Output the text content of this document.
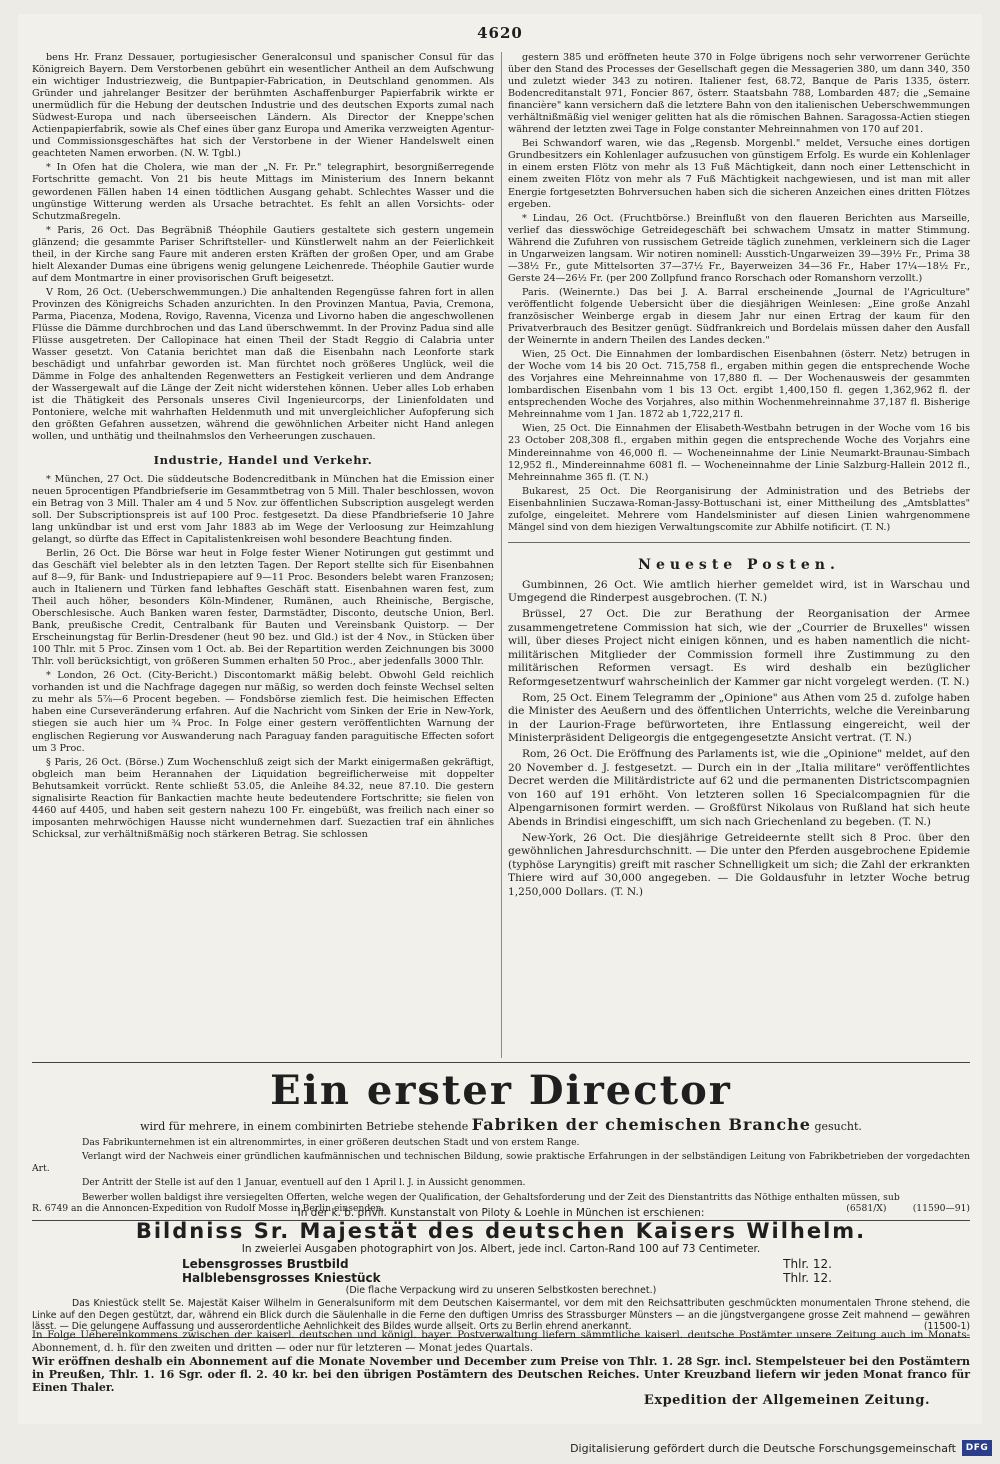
4620

bens Hr. Franz Dessauer, portugiesischer Generalconsul und spanischer Consul für das Königreich Bayern. Dem Verstorbenen gebührt ein wesentlicher Antheil an dem Aufschwung ein wichtiger Industriezweig, die Buntpapier-Fabrication, in Deutschland genommen. Als Gründer und jahrelanger Besitzer der berühmten Aschaffenburger Papierfabrik wirkte er unermüdlich für die Hebung der deutschen Industrie und des deutschen Exports zumal nach Südwest-Europa und nach überseeischen Ländern. Als Director der Kneppe'schen Actienpapierfabrik, sowie als Chef eines über ganz Europa und Amerika verzweigten Agentur- und Commissionsgeschäftes hat sich der Verstorbene in der Wiener Handelswelt einen geachteten Namen erworben. (N. W. Tgbl.)

* In Ofen hat die Cholera, wie man der „N. Fr. Pr." telegraphirt, besorgnißerregende Fortschritte gemacht. Von 21 bis heute Mittags im Ministerium des Innern bekannt gewordenen Fällen haben 14 einen tödtlichen Ausgang gehabt. Schlechtes Wasser und die ungünstige Witterung werden als Ursache betrachtet. Es fehlt an allen Vorsichts- oder Schutzmaßregeln.

* Paris, 26 Oct. Das Begräbniß Théophile Gautiers gestaltete sich gestern ungemein glänzend; die gesammte Pariser Schriftsteller- und Künstlerwelt nahm an der Feierlichkeit theil, in der Kirche sang Faure mit anderen ersten Kräften der großen Oper, und am Grabe hielt Alexander Dumas eine übrigens wenig gelungene Leichenrede. Théophile Gautier wurde auf dem Montmartre in einer provisorischen Gruft beigesetzt.

V Rom, 26 Oct. (Ueberschwemmungen.) Die anhaltenden Regengüsse fahren fort in allen Provinzen des Königreichs Schaden anzurichten. In den Provinzen Mantua, Pavia, Cremona, Parma, Piacenza, Modena, Rovigo, Ravenna, Vicenza und Livorno haben die angeschwollenen Flüsse die Dämme durchbrochen und das Land überschwemmt. In der Provinz Padua sind alle Flüsse ausgetreten. Der Callopinace hat einen Theil der Stadt Reggio di Calabria unter Wasser gesetzt. Von Catania berichtet man daß die Eisenbahn nach Leonforte stark beschädigt und unfahrbar geworden ist. Man fürchtet noch größeres Unglück, weil die Dämme in Folge des anhaltenden Regenwetters an Festigkeit verlieren und dem Andrange der Wassergewalt auf die Länge der Zeit nicht widerstehen können. Ueber alles Lob erhaben ist die Thätigkeit des Personals unseres Civil Ingenieurcorps, der Linienfoldaten und Pontoniere, welche mit wahrhaften Heldenmuth und mit unvergleichlicher Aufopferung sich den größten Gefahren aussetzen, während die gewöhnlichen Arbeiter nicht Hand anlegen wollen, und unthätig und theilnahmslos den Verheerungen zuschauen.

Industrie, Handel und Verkehr.

* München, 27 Oct. Die süddeutsche Bodencreditbank in München hat die Emission einer neuen 5procentigen Pfandbriefserie im Gesammtbetrag von 5 Mill. Thaler beschlossen, wovon ein Betrag von 3 Mill. Thaler am 4 und 5 Nov. zur öffentlichen Subscription ausgelegt werden soll. Der Subscriptionspreis ist auf 100 Proc. festgesetzt. Da diese Pfandbriefserie 10 Jahre lang unkündbar ist und erst vom Jahr 1883 ab im Wege der Verloosung zur Heimzahlung gelangt, so dürfte das Effect in Capitalistenkreisen wohl besondere Beachtung finden.

Berlin, 26 Oct. Die Börse war heut in Folge fester Wiener Notirungen gut gestimmt und das Geschäft viel belebter als in den letzten Tagen. Der Report stellte sich für Eisenbahnen auf 8—9, für Bank- und Industriepapiere auf 9—11 Proc. Besonders belebt waren Franzosen; auch in Italienern und Türken fand lebhaftes Geschäft statt. Eisenbahnen waren fest, zum Theil auch höher, besonders Köln-Mindener, Rumänen, auch Rheinische, Bergische, Oberschlesische. Auch Banken waren fester, Darmstädter, Disconto, deutsche Union, Berl. Bank, preußische Credit, Centralbank für Bauten und Vereinsbank Quistorp. — Der Erscheinungstag für Berlin-Dresdener (heut 90 bez. und Gld.) ist der 4 Nov., in Stücken über 100 Thlr. mit 5 Proc. Zinsen vom 1 Oct. ab. Bei der Repartition werden Zeichnungen bis 3000 Thlr. voll berücksichtigt, von größeren Summen erhalten 50 Proc., aber jedenfalls 3000 Thlr.

* London, 26 Oct. (City-Bericht.) Discontomarkt mäßig belebt. Obwohl Geld reichlich vorhanden ist und die Nachfrage dagegen nur mäßig, so werden doch feinste Wechsel selten zu mehr als 5⅞—6 Procent begeben. — Fondsbörse ziemlich fest. Die heimischen Effecten haben eine Curseveränderung erfahren. Auf die Nachricht vom Sinken der Erie in New-York, stiegen sie auch hier um ¾ Proc. In Folge einer gestern veröffentlichten Warnung der englischen Regierung vor Auswanderung nach Paraguay fanden paraguitische Effecten sofort um 3 Proc.

§ Paris, 26 Oct. (Börse.) Zum Wochenschluß zeigt sich der Markt einigermaßen gekräftigt, obgleich man beim Herannahen der Liquidation begreiflicherweise mit doppelter Behutsamkeit vorrückt. Rente schließt 53.05, die Anleihe 84.32, neue 87.10. Die gestern signalisirte Reaction für Bankactien machte heute bedeutendere Fortschritte; sie fielen von 4460 auf 4405, und haben seit gestern nahezu 100 Fr. eingebüßt, was freilich nach einer so imposanten mehrwöchigen Hausse nicht wundernehmen darf. Suezactien traf ein ähnliches Schicksal, zur verhältnißmäßig noch stärkeren Betrag. Sie schlossen

gestern 385 und eröffneten heute 370 in Folge übrigens noch sehr verworrener Gerüchte über den Stand des Processes der Gesellschaft gegen die Messagerien 380, um dann 340, 350 und zuletzt wieder 343 zu notiren. Italiener fest, 68.72, Banque de Paris 1335, österr. Bodencreditanstalt 971, Foncier 867, österr. Staatsbahn 788, Lombarden 487; die „Semaine financière" kann versichern daß die letztere Bahn von den italienischen Ueberschwemmungen verhältnißmäßig viel weniger gelitten hat als die römischen Bahnen. Saragossa-Actien stiegen während der letzten zwei Tage in Folge constanter Mehreinnahmen von 170 auf 201.

Bei Schwandorf waren, wie das „Regensb. Morgenbl." meldet, Versuche eines dortigen Grundbesitzers ein Kohlenlager aufzusuchen von günstigem Erfolg. Es wurde ein Kohlenlager in einem ersten Flötz von mehr als 13 Fuß Mächtigkeit, dann noch einer Lettenschicht in einem zweiten Flötz von mehr als 7 Fuß Mächtigkeit nachgewiesen, und ist man mit aller Energie fortgesetzten Bohrversuchen haben sich die sicheren Anzeichen eines dritten Flötzes ergeben.

* Lindau, 26 Oct. (Fruchtbörse.) Breinflußt von den flaueren Berichten aus Marseille, verlief das diesswöchige Getreidegeschäft bei schwachem Umsatz in matter Stimmung. Während die Zufuhren von russischem Getreide täglich zunehmen, verkleinern sich die Lager in Ungarweizen langsam. Wir notiren nominell: Ausstich-Ungarweizen 39—39½ Fr., Prima 38—38½ Fr., gute Mittelsorten 37—37½ Fr., Bayerweizen 34—36 Fr., Haber 17¼—18½ Fr., Gerste 24—26½ Fr. (per 200 Zollpfund franco Rorschach oder Romanshorn verzollt.)

Paris. (Weinernte.) Das bei J. A. Barral erscheinende „Journal de l'Agriculture" veröffentlicht folgende Uebersicht über die diesjährigen Weinlesen: „Eine große Anzahl französischer Weinberge ergab in diesem Jahr nur einen Ertrag der kaum für den Privatverbrauch des Besitzer genügt. Südfrankreich und Bordelais müssen daher den Ausfall der Weinernte in andern Theilen des Landes decken."

Wien, 25 Oct. Die Einnahmen der lombardischen Eisenbahnen (österr. Netz) betrugen in der Woche vom 14 bis 20 Oct. 715,758 fl., ergaben mithin gegen die entsprechende Woche des Vorjahres eine Mehreinnahme von 17,880 fl. — Der Wochenausweis der gesammten lombardischen Eisenbahn vom 1 bis 13 Oct. ergibt 1,400,150 fl. gegen 1,362,962 fl. der entsprechenden Woche des Vorjahres, also mithin Wochenmehreinnahme 37,187 fl. Bisherige Mehreinnahme vom 1 Jan. 1872 ab 1,722,217 fl.

Wien, 25 Oct. Die Einnahmen der Elisabeth-Westbahn betrugen in der Woche vom 16 bis 23 October 208,308 fl., ergaben mithin gegen die entsprechende Woche des Vorjahrs eine Mindereinnahme von 46,000 fl. — Wocheneinnahme der Linie Neumarkt-Braunau-Simbach 12,952 fl., Mindereinnahme 6081 fl. — Wocheneinnahme der Linie Salzburg-Hallein 2012 fl., Mehreinnahme 365 fl. (T. N.)

Bukarest, 25 Oct. Die Reorganisirung der Administration und des Betriebs der Eisenbahnlinien Suczawa-Roman-Jassy-Bottuschani ist, einer Mittheilung des „Amtsblattes" zufolge, eingeleitet. Mehrere vom Handelsminister auf diesen Linien wahrgenommene Mängel sind von dem hiezigen Verwaltungscomite zur Abhilfe notificirt. (T. N.)

Neueste Posten.

Gumbinnen, 26 Oct. Wie amtlich hierher gemeldet wird, ist in Warschau und Umgegend die Rinderpest ausgebrochen. (T. N.)

Brüssel, 27 Oct. Die zur Berathung der Reorganisation der Armee zusammengetretene Commission hat sich, wie der „Courrier de Bruxelles" wissen will, über dieses Project nicht einigen können, und es haben namentlich die nicht-militärischen Mitglieder der Commission formell ihre Zustimmung zu den militärischen Reformen versagt. Es wird deshalb ein bezüglicher Reformgesetzentwurf wahrscheinlich der Kammer gar nicht vorgelegt werden. (T. N.)

Rom, 25 Oct. Einem Telegramm der „Opinione" aus Athen vom 25 d. zufolge haben die Minister des Aeußern und des öffentlichen Unterrichts, welche die Vereinbarung in der Laurion-Frage befürworteten, ihre Entlassung eingereicht, weil der Ministerpräsident Deligeorgis die entgegengesetzte Ansicht vertrat. (T. N.)

Rom, 26 Oct. Die Eröffnung des Parlaments ist, wie die „Opinione" meldet, auf den 20 November d. J. festgesetzt. — Durch ein in der „Italia militare" veröffentlichtes Decret werden die Militärdistricte auf 62 und die permanenten Districtscompagnien von 160 auf 191 erhöht. Von letzteren sollen 16 Specialcompagnien für die Alpengarnisonen formirt werden. — Großfürst Nikolaus von Rußland hat sich heute Abends in Brindisi eingeschifft, um sich nach Griechenland zu begeben. (T. N.)

New-York, 26 Oct. Die diesjährige Getreideernte stellt sich 8 Proc. über den gewöhnlichen Jahresdurchschnitt. — Die unter den Pferden ausgebrochene Epidemie (typhöse Laryngitis) greift mit rascher Schnelligkeit um sich; die Zahl der erkrankten Thiere wird auf 30,000 angegeben. — Die Goldausfuhr in letzter Woche betrug 1,250,000 Dollars. (T. N.)

Ein erster Director
wird für mehrere, in einem combinirten Betriebe stehende Fabriken der chemischen Branche gesucht.
Das Fabrikunternehmen ist ein altrenommirtes, in einer größeren deutschen Stadt und von erstem Range.
Verlangt wird der Nachweis einer gründlichen kaufmännischen und technischen Bildung, sowie praktische Erfahrungen in der selbständigen Leitung von Fabrikbetrieben der vorgedachten Art.
Der Antritt der Stelle ist auf den 1 Januar, eventuell auf den 1 April l. J. in Aussicht genommen.
Bewerber wollen baldigst ihre versiegelten Offerten, welche wegen der Qualification, der Gehaltsforderung und der Zeit des Dienstantritts das Nöthige enthalten müssen, sub
R. 6749 an die Annoncen-Expedition von Rudolf Mosse in Berlin einsenden.	(6581/X)	(11590—91)
In der k. b. privil. Kunstanstalt von Piloty & Loehle in München ist erschienen:
Bildniss Sr. Majestät des deutschen Kaisers Wilhelm.
In zweierlei Ausgaben photographirt von Jos. Albert, jede incl. Carton-Rand 100 auf 73 Centimeter.
Lebensgrosses Brustbild	Thlr. 12.
Halblebensgrosses Kniestück	Thlr. 12.
(Die flache Verpackung wird zu unseren Selbstkosten berechnet.)
Das Kniestück stellt Se. Majestät Kaiser Wilhelm in Generalsuniform mit dem Deutschen Kaisermantel, vor dem mit den Reichsattributen geschmückten monumentalen Throne stehend, die Linke auf den Degen gestützt, dar, während ein Blick durch die Säulenhalle in die Ferne den duftigen Umriss des Strassburger Münsters — an die jüngstvergangene grosse Zeit mahnend — gewähren lässt. — Die gelungene Auffassung und ausserordentliche Aehnlichkeit des Bildes wurde allseit. Orts zu Berlin ehrend anerkannt.	(11500-1)
In Folge Uebereinkommens zwischen der kaiserl. deutschen und königl. bayer. Postverwaltung liefern sämmtliche kaiserl. deutsche Postämter unsere Zeitung auch im Monats-Abonnement, d. h. für den zweiten und dritten — oder nur für letzteren — Monat jedes Quartals.
Wir eröffnen deshalb ein Abonnement auf die Monate November und December zum Preise von Thlr. 1. 28 Sgr. incl. Stempelsteuer bei den Postämtern in Preußen, Thlr. 1. 16 Sgr. oder fl. 2. 40 kr. bei den übrigen Postämtern des Deutschen Reiches. Unter Kreuzband liefern wir jeden Monat franco für Einen Thaler.
Expedition der Allgemeinen Zeitung.
Digitalisierung gefördert durch die Deutsche Forschungsgemeinschaft	DFG
